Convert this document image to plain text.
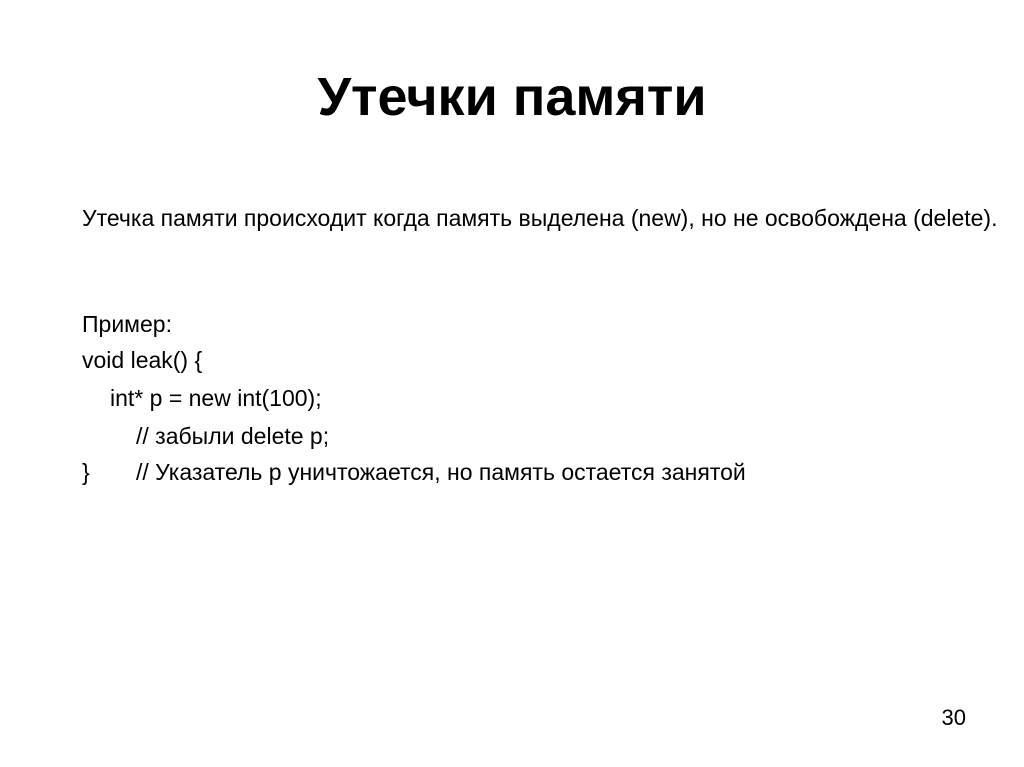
Утечки памяти
Утечка памяти происходит когда память выделена (new), но не освобождена (delete).
Пример:
void leak() {
int* p = new int(100);
// забыли delete p;
} // Указатель p уничтожается, но память остается занятой
30
